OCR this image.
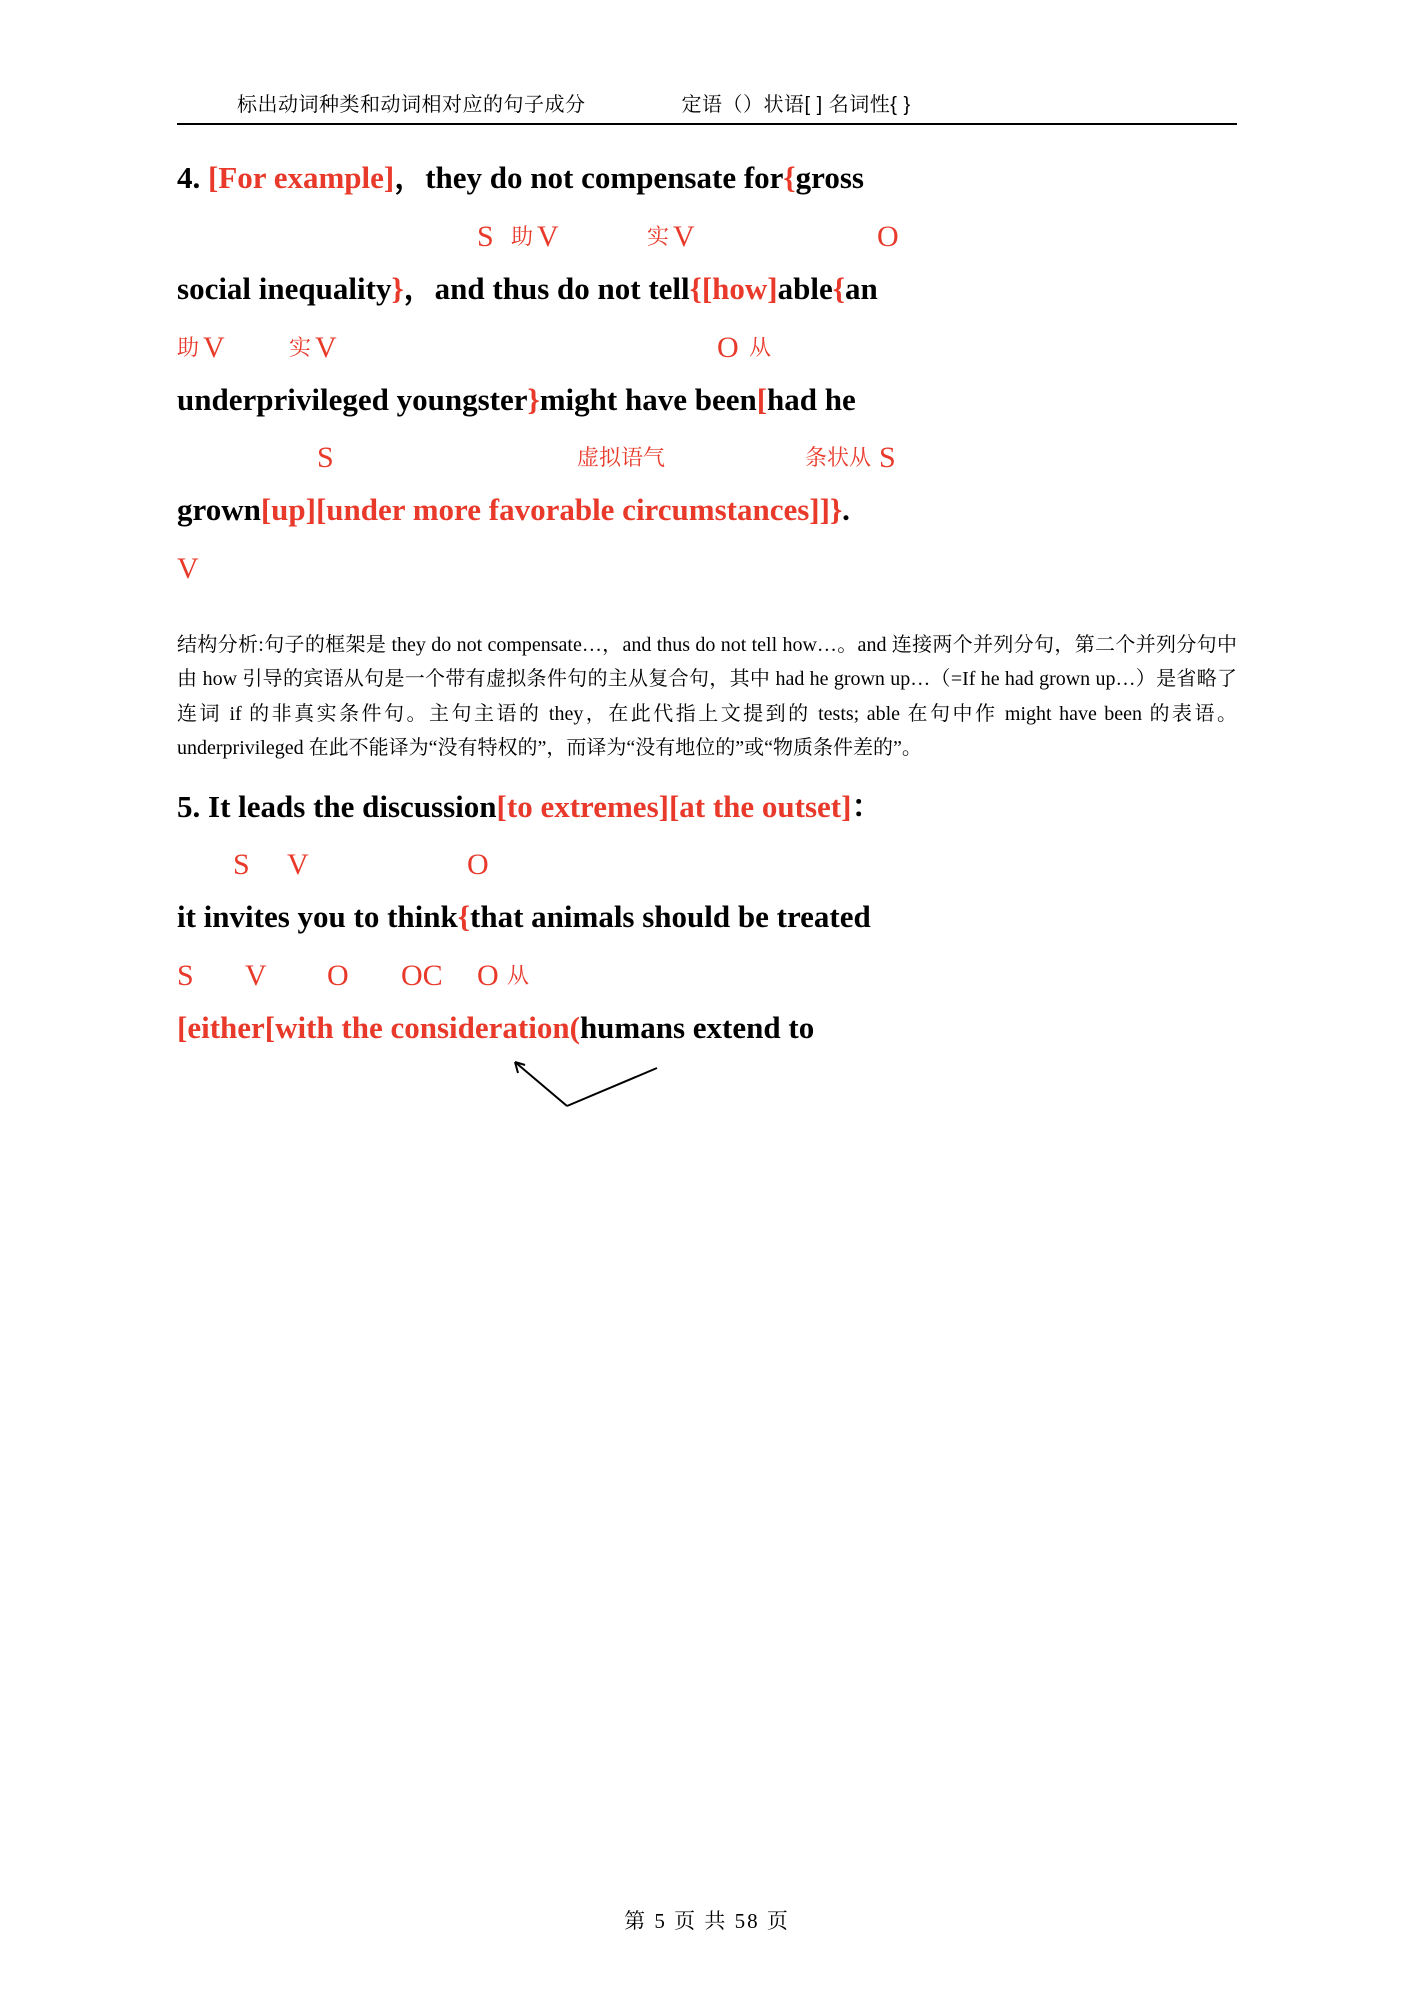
标出动词种类和动词相对应的句子成分	定语（）状语[ ] 名词性{ }

4. [For example]，they do not compensate for{gross

S 助 V	实 V	O

social inequality}，and thus do not tell{[how]able{an

助 V	实 V	O 从

underprivileged youngster}might have been[had he

S	虚拟语气	条状从 S

grown[up][under more favorable circumstances]]}.

V

结构分析:句子的框架是 they do not compensate…，and thus do not tell how…。and 连接两个并列分句，第二个并列分句中由 how 引导的宾语从句是一个带有虚拟条件句的主从复合句，其中 had he grown up…（=If he had grown up…）是省略了连词 if 的非真实条件句。主句主语的 they，在此代指上文提到的 tests; able 在句中作 might have been 的表语。underprivileged 在此不能译为“没有特权的”，而译为“没有地位的”或“物质条件差的”。

5. It leads the discussion[to extremes][at the outset]：

S V	O

it invites you to think{that animals should be treated

S V O OC O 从

[either[with the consideration(humans extend to

第 5 页 共 58 页
